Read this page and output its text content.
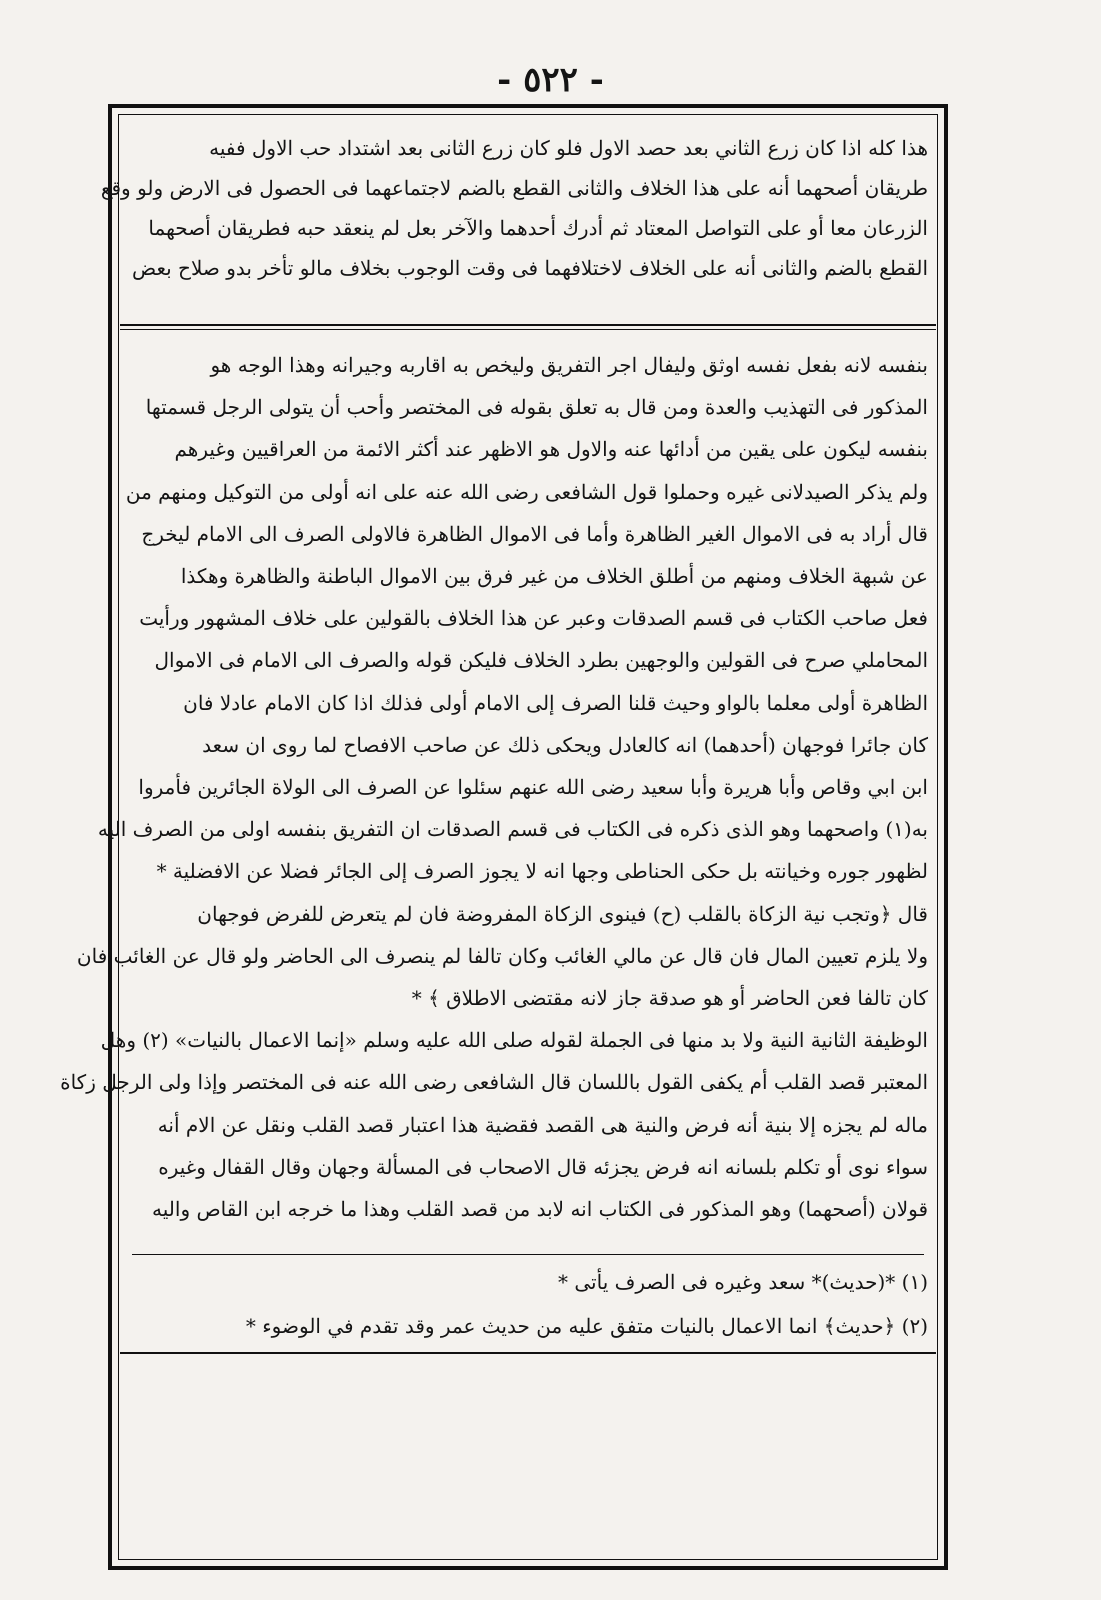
- ٥٢٢ -

هذا كله اذا كان زرع الثاني بعد حصد الاول فلو كان زرع الثانى بعد اشتداد حب الاول ففيه

طريقان أصحهما أنه على هذا الخلاف والثانى القطع بالضم لاجتماعهما فى الحصول فى الارض ولو وقع

الزرعان معا أو على التواصل المعتاد ثم أدرك أحدهما والآخر بعل لم ينعقد حبه فطريقان أصحهما

القطع بالضم والثانى أنه على الخلاف لاختلافهما فى وقت الوجوب بخلاف مالو تأخر بدو صلاح بعض

بنفسه لانه بفعل نفسه اوثق وليفال اجر التفريق وليخص به اقاربه وجيرانه وهذا الوجه هو

المذكور فى التهذيب والعدة ومن قال به تعلق بقوله فى المختصر وأحب أن يتولى الرجل قسمتها

بنفسه ليكون على يقين من أدائها عنه والاول هو الاظهر عند أكثر الائمة من العراقيين وغيرهم

ولم يذكر الصيدلانى غيره وحملوا قول الشافعى رضى الله عنه على انه أولى من التوكيل ومنهم من

قال أراد به فى الاموال الغير الظاهرة وأما فى الاموال الظاهرة فالاولى الصرف الى الامام ليخرج

عن شبهة الخلاف ومنهم من أطلق الخلاف من غير فرق بين الاموال الباطنة والظاهرة وهكذا

فعل صاحب الكتاب فى قسم الصدقات وعبر عن هذا الخلاف بالقولين على خلاف المشهور ورأيت

المحاملي صرح فى القولين والوجهين بطرد الخلاف فليكن قوله والصرف الى الامام فى الاموال

الظاهرة أولى معلما بالواو وحيث قلنا الصرف إلى الامام أولى فذلك اذا كان الامام عادلا فان

كان جائرا فوجهان (أحدهما) انه كالعادل ويحكى ذلك عن صاحب الافصاح لما روى ان سعد

ابن ابي وقاص وأبا هريرة وأبا سعيد رضى الله عنهم سئلوا عن الصرف الى الولاة الجائرين فأمروا

به(١) واصحهما وهو الذى ذكره فى الكتاب فى قسم الصدقات ان التفريق بنفسه اولى من الصرف اليه

لظهور جوره وخيانته بل حكى الحناطى وجها انه لا يجوز الصرف إلى الجائر فضلا عن الافضلية *

قال ﴿وتجب نية الزكاة بالقلب (ح) فينوى الزكاة المفروضة فان لم يتعرض للفرض فوجهان

ولا يلزم تعيين المال فان قال عن مالي الغائب وكان تالفا لم ينصرف الى الحاضر ولو قال عن الغائب فان

كان تالفا فعن الحاضر أو هو صدقة جاز لانه مقتضى الاطلاق ﴾ *

الوظيفة الثانية النية ولا بد منها فى الجملة لقوله صلى الله عليه وسلم «إنما الاعمال بالنيات» (٢) وهل

المعتبر قصد القلب أم يكفى القول باللسان قال الشافعى رضى الله عنه فى المختصر وإذا ولى الرجل زكاة

ماله لم يجزه إلا بنية أنه فرض والنية هى القصد فقضية هذا اعتبار قصد القلب ونقل عن الام أنه

سواء نوى أو تكلم بلسانه انه فرض يجزئه قال الاصحاب فى المسألة وجهان وقال القفال وغيره

قولان (أصحهما) وهو المذكور فى الكتاب انه لابد من قصد القلب وهذا ما خرجه ابن القاص واليه

(١) *(حديث)* سعد وغيره فى الصرف يأتى *

(٢) ﴿حديث﴾ انما الاعمال بالنيات متفق عليه من حديث عمر وقد تقدم في الوضوء *
